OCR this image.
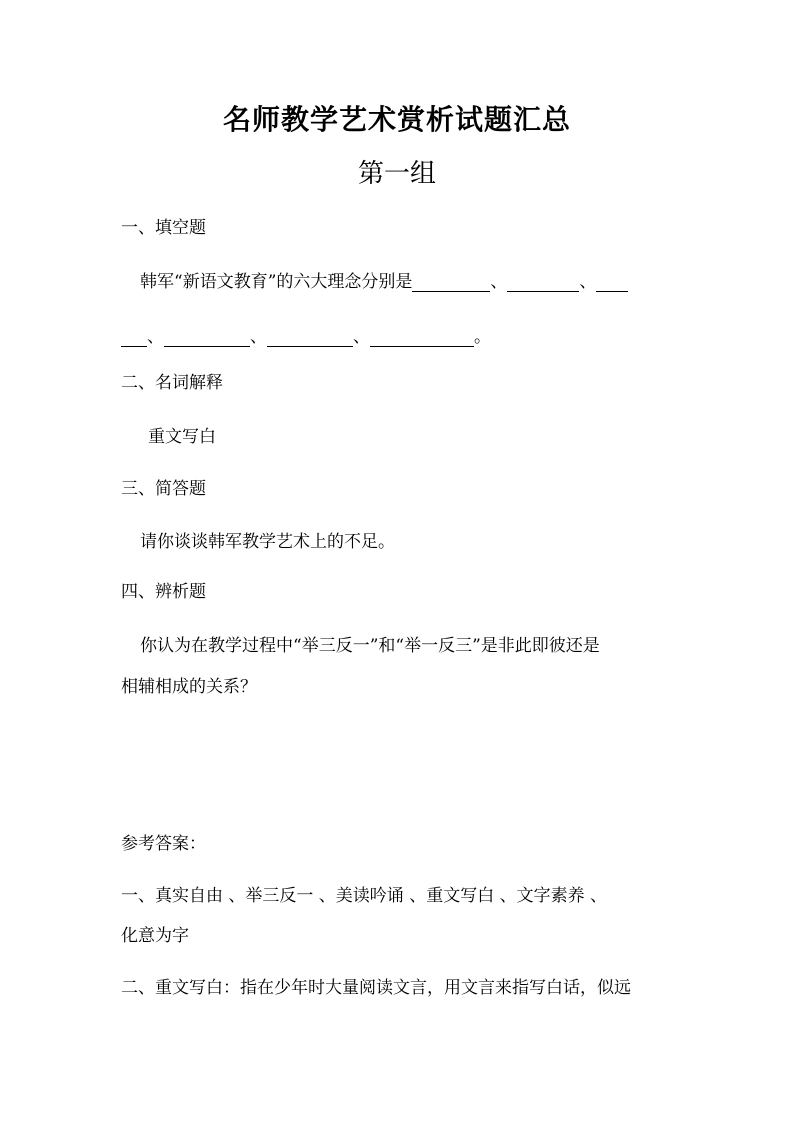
名师教学艺术赏析试题汇总
第一组
一、填空题
韩军“新语文教育”的六大理念分别是	、	、
、	、	、	。
二、名词解释
重文写白
三、简答题
请你谈谈韩军教学艺术上的不足。
四、辨析题
你认为在教学过程中“举三反一”和“举一反三”是非此即彼还是
相辅相成的关系？
参考答案：
一、真实自由 、举三反一 、美读吟诵 、重文写白 、文字素养 、
化意为字
二、重文写白：指在少年时大量阅读文言，用文言来指写白话，似远
